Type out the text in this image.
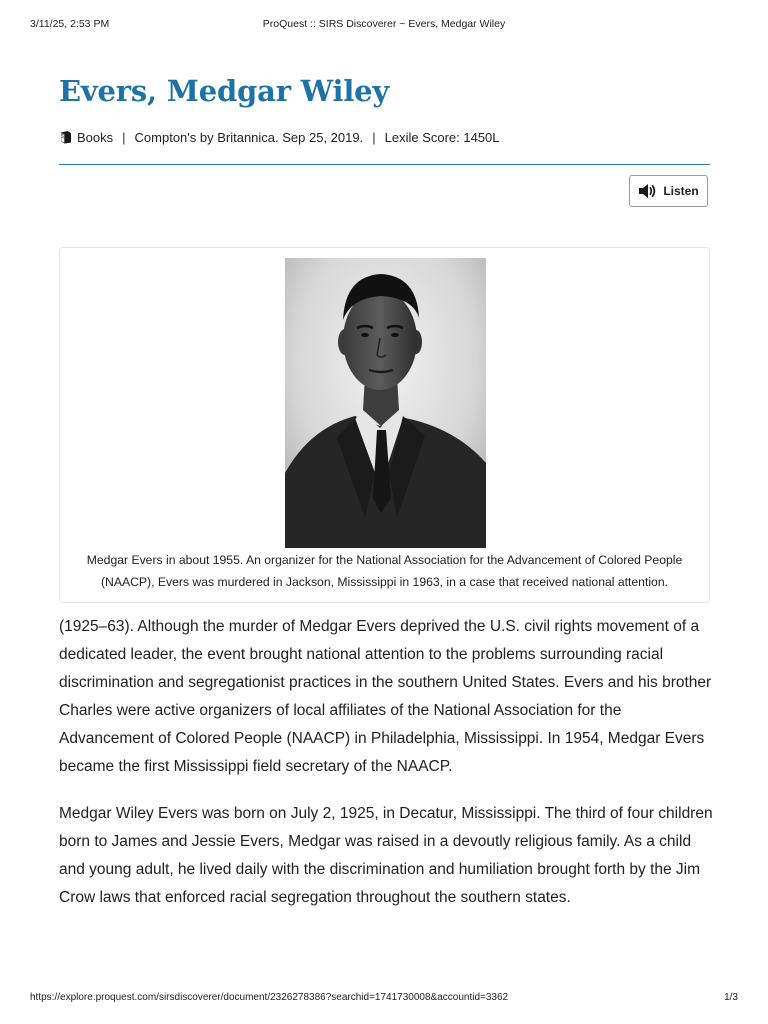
3/11/25, 2:53 PM	ProQuest :: SIRS Discoverer ~ Evers, Medgar Wiley
Evers, Medgar Wiley
Books | Compton's by Britannica. Sep 25, 2019. | Lexile Score: 1450L
Listen

Medgar Evers in about 1955. An organizer for the National Association for the Advancement of Colored People (NAACP), Evers was murdered in Jackson, Mississippi in 1963, in a case that received national attention.

(1925–63). Although the murder of Medgar Evers deprived the U.S. civil rights movement of a dedicated leader, the event brought national attention to the problems surrounding racial discrimination and segregationist practices in the southern United States. Evers and his brother Charles were active organizers of local affiliates of the National Association for the Advancement of Colored People (NAACP) in Philadelphia, Mississippi. In 1954, Medgar Evers became the first Mississippi field secretary of the NAACP.

Medgar Wiley Evers was born on July 2, 1925, in Decatur, Mississippi. The third of four children born to James and Jessie Evers, Medgar was raised in a devoutly religious family. As a child and young adult, he lived daily with the discrimination and humiliation brought forth by the Jim Crow laws that enforced racial segregation throughout the southern states.

https://explore.proquest.com/sirsdiscoverer/document/2326278386?searchid=1741730008&accountid=3362	1/3
